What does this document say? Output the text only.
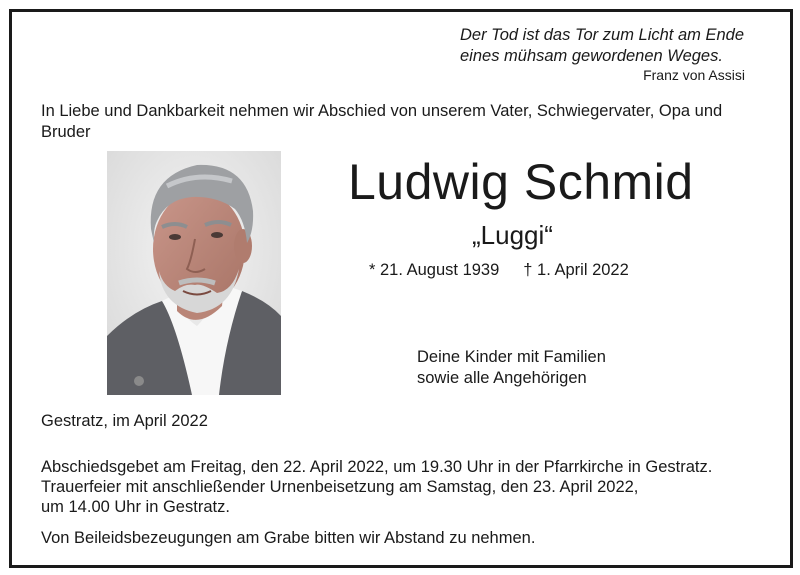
Der Tod ist das Tor zum Licht am Ende
eines mühsam gewordenen Weges.
Franz von Assisi
In Liebe und Dankbarkeit nehmen wir Abschied von unserem Vater, Schwiegervater, Opa und Bruder
Ludwig Schmid
„Luggi“
* 21. August 1939 † 1. April 2022
Deine Kinder mit Familien
sowie alle Angehörigen
Gestratz, im April 2022
Abschiedsgebet am Freitag, den 22. April 2022, um 19.30 Uhr in der Pfarrkirche in Gestratz.
Trauerfeier mit anschließender Urnenbeisetzung am Samstag, den 23. April 2022,
um 14.00 Uhr in Gestratz.
Von Beileidsbezeugungen am Grabe bitten wir Abstand zu nehmen.
